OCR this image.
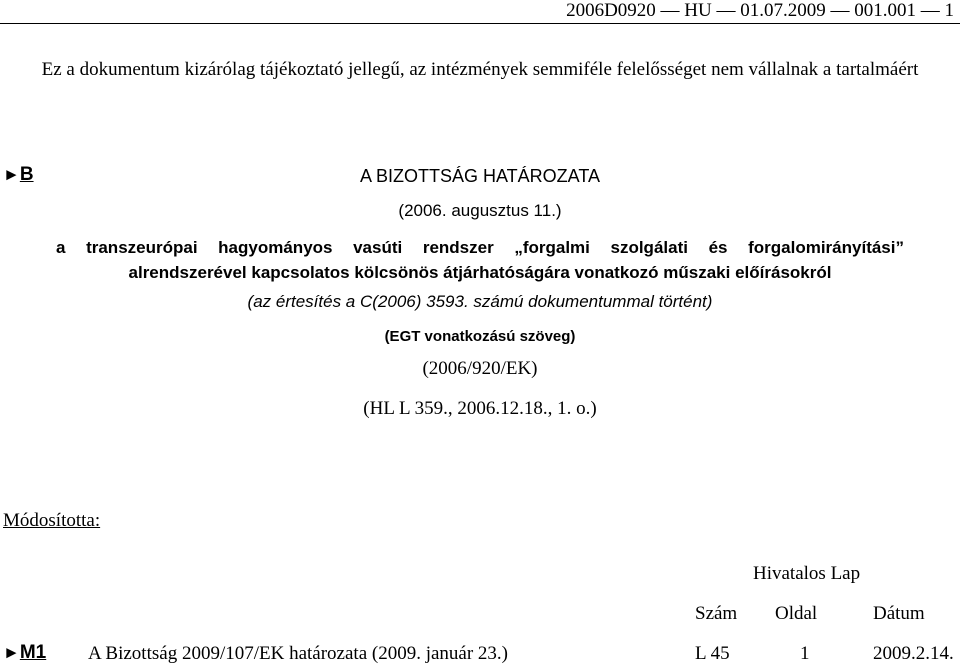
2006D0920 — HU — 01.07.2009 — 001.001 — 1
Ez a dokumentum kizárólag tájékoztató jellegű, az intézmények semmiféle felelősséget nem vállalnak a tartalmáért
►B	A BIZOTTSÁG HATÁROZATA
(2006. augusztus 11.)
a transzeurópai hagyományos vasúti rendszer „forgalmi szolgálati és forgalomirányítási”
alrendszerével kapcsolatos kölcsönös átjárhatóságára vonatkozó műszaki előírásokról
(az értesítés a C(2006) 3593. számú dokumentummal történt)
(EGT vonatkozású szöveg)
(2006/920/EK)
(HL L 359., 2006.12.18., 1. o.)
Módosította:
Hivatalos Lap
Szám Oldal	Dátum
►M1 A Bizottság 2009/107/EK határozata (2009. január 23.)	L 45	1	2009.2.14.
